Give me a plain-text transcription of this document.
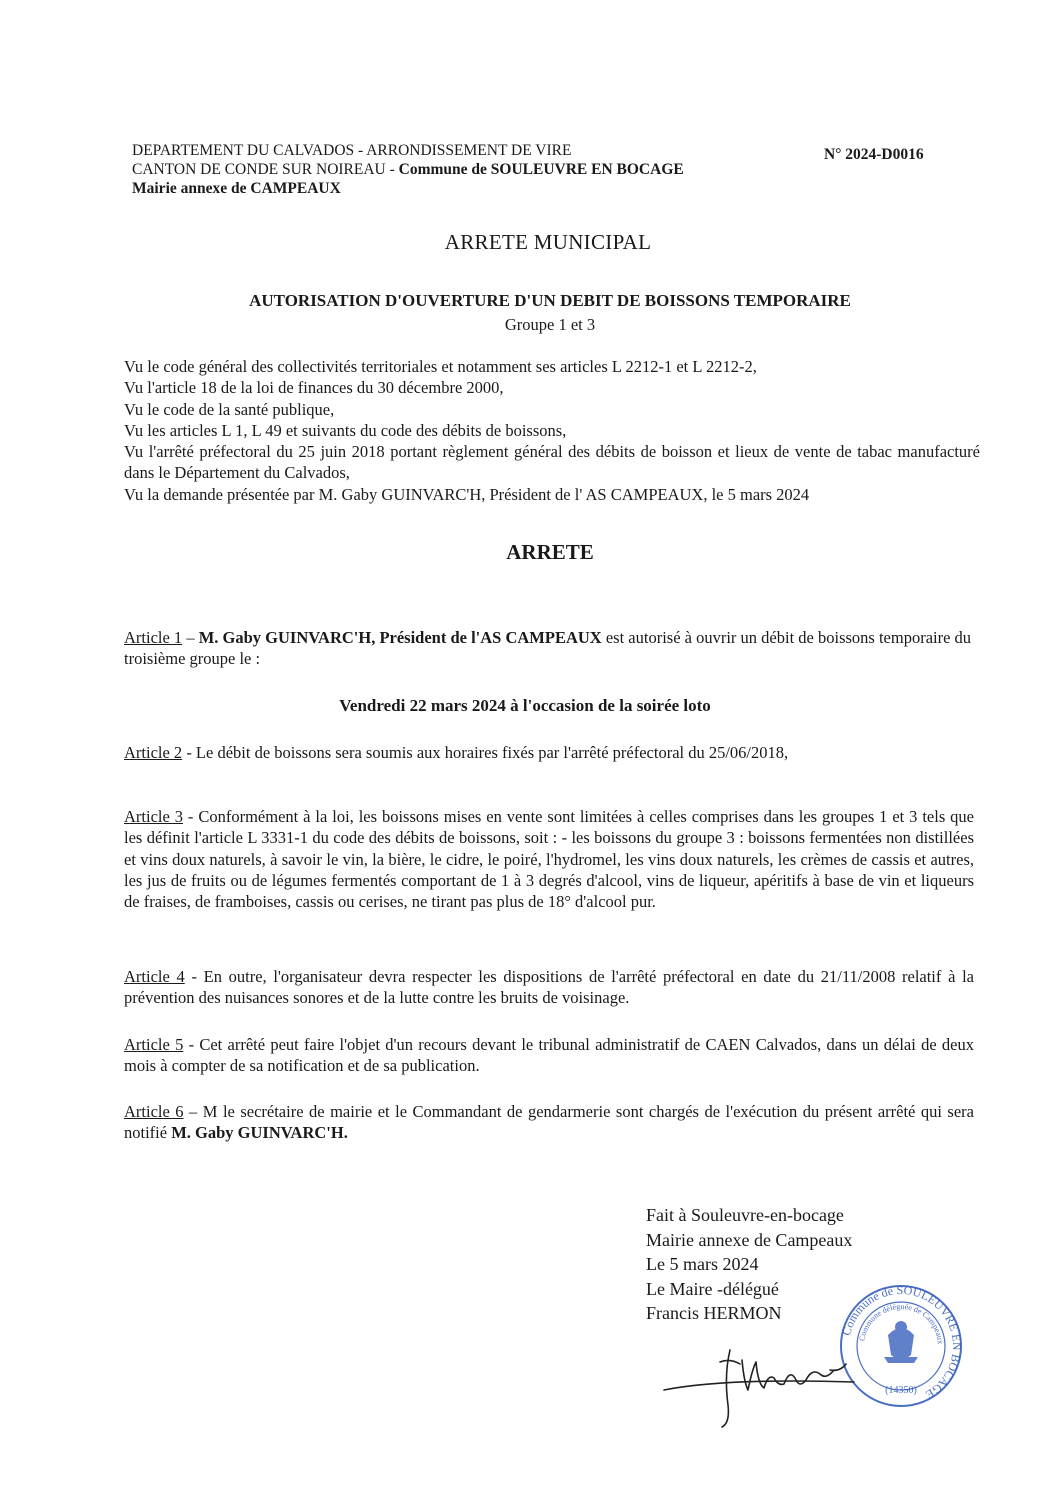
DEPARTEMENT DU CALVADOS - ARRONDISSEMENT DE VIRE
CANTON DE CONDE SUR NOIREAU - Commune de SOULEUVRE EN BOCAGE
Mairie annexe de CAMPEAUX
N° 2024-D0016
ARRETE MUNICIPAL
AUTORISATION D'OUVERTURE D'UN DEBIT DE BOISSONS TEMPORAIRE
Groupe 1 et 3
Vu le code général des collectivités territoriales et notamment ses articles L 2212-1 et L 2212-2,
Vu l'article 18 de la loi de finances du 30 décembre 2000,
Vu le code de la santé publique,
Vu les articles L 1, L 49 et suivants du code des débits de boissons,
Vu l'arrêté préfectoral du 25 juin 2018 portant règlement général des débits de boisson et lieux de vente de tabac manufacturé dans le Département du Calvados,
Vu la demande présentée par M. Gaby GUINVARC'H, Président de l' AS CAMPEAUX, le 5 mars 2024
ARRETE
Article 1 – M. Gaby GUINVARC'H, Président de l'AS CAMPEAUX est autorisé à ouvrir un débit de boissons temporaire du troisième groupe le :
Vendredi 22 mars 2024 à l'occasion de la soirée loto
Article 2 - Le débit de boissons sera soumis aux horaires fixés par l'arrêté préfectoral du 25/06/2018,
Article 3 - Conformément à la loi, les boissons mises en vente sont limitées à celles comprises dans les groupes 1 et 3 tels que les définit l'article L 3331-1 du code des débits de boissons, soit : - les boissons du groupe 3 : boissons fermentées non distillées et vins doux naturels, à savoir le vin, la bière, le cidre, le poiré, l'hydromel, les vins doux naturels, les crèmes de cassis et autres, les jus de fruits ou de légumes fermentés comportant de 1 à 3 degrés d'alcool, vins de liqueur, apéritifs à base de vin et liqueurs de fraises, de framboises, cassis ou cerises, ne tirant pas plus de 18° d'alcool pur.
Article 4 - En outre, l'organisateur devra respecter les dispositions de l'arrêté préfectoral en date du 21/11/2008 relatif à la prévention des nuisances sonores et de la lutte contre les bruits de voisinage.
Article 5 - Cet arrêté peut faire l'objet d'un recours devant le tribunal administratif de CAEN Calvados, dans un délai de deux mois à compter de sa notification et de sa publication.
Article 6 – M le secrétaire de mairie et le Commandant de gendarmerie sont chargés de l'exécution du présent arrêté qui sera notifié M. Gaby GUINVARC'H.
Fait à Souleuvre-en-bocage
Mairie annexe de Campeaux
Le 5 mars 2024
Le Maire -délégué
Francis HERMON
Commune de SOULEUVRE EN BOCAGE
Commune déléguée de Campeaux
(14350)
